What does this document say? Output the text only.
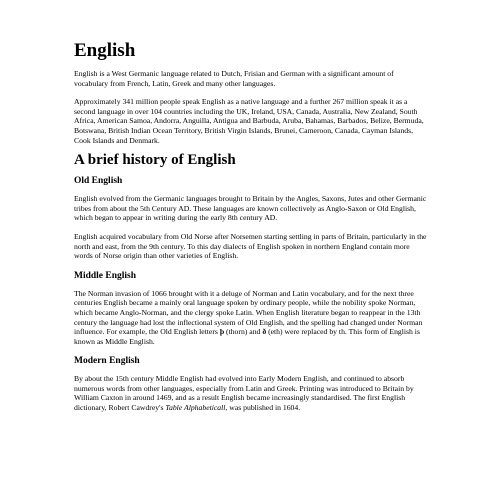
English

English is a West Germanic language related to Dutch, Frisian and German with a significant amount of vocabulary from French, Latin, Greek and many other languages.

Approximately 341 million people speak English as a native language and a further 267 million speak it as a second language in over 104 countries including the UK, Ireland, USA, Canada, Australia, New Zealand, South Africa, American Samoa, Andorra, Anguilla, Antigua and Barbuda, Aruba, Bahamas, Barbados, Belize, Bermuda, Botswana, British Indian Ocean Territory, British Virgin Islands, Brunei, Cameroon, Canada, Cayman Islands, Cook Islands and Denmark.

A brief history of English
Old English

English evolved from the Germanic languages brought to Britain by the Angles, Saxons, Jutes and other Germanic tribes from about the 5th Century AD. These languages are known collectively as Anglo-Saxon or Old English, which began to appear in writing during the early 8th century AD.

English acquired vocabulary from Old Norse after Norsemen starting settling in parts of Britain, particularly in the north and east, from the 9th century. To this day dialects of English spoken in northern England contain more words of Norse origin than other varieties of English.

Middle English

The Norman invasion of 1066 brought with it a deluge of Norman and Latin vocabulary, and for the next three centuries English became a mainly oral language spoken by ordinary people, while the nobility spoke Norman, which became Anglo-Norman, and the clergy spoke Latin. When English literature began to reappear in the 13th century the language had lost the inflectional system of Old English, and the spelling had changed under Norman influence. For example, the Old English letters þ (thorn) and ð (eth) were replaced by th. This form of English is known as Middle English.

Modern English

By about the 15th century Middle English had evolved into Early Modern English, and continued to absorb numerous words from other languages, especially from Latin and Greek. Printing was introduced to Britain by William Caxton in around 1469, and as a result English became increasingly standardised. The first English dictionary, Robert Cawdrey's Table Alphabeticall, was published in 1604.
